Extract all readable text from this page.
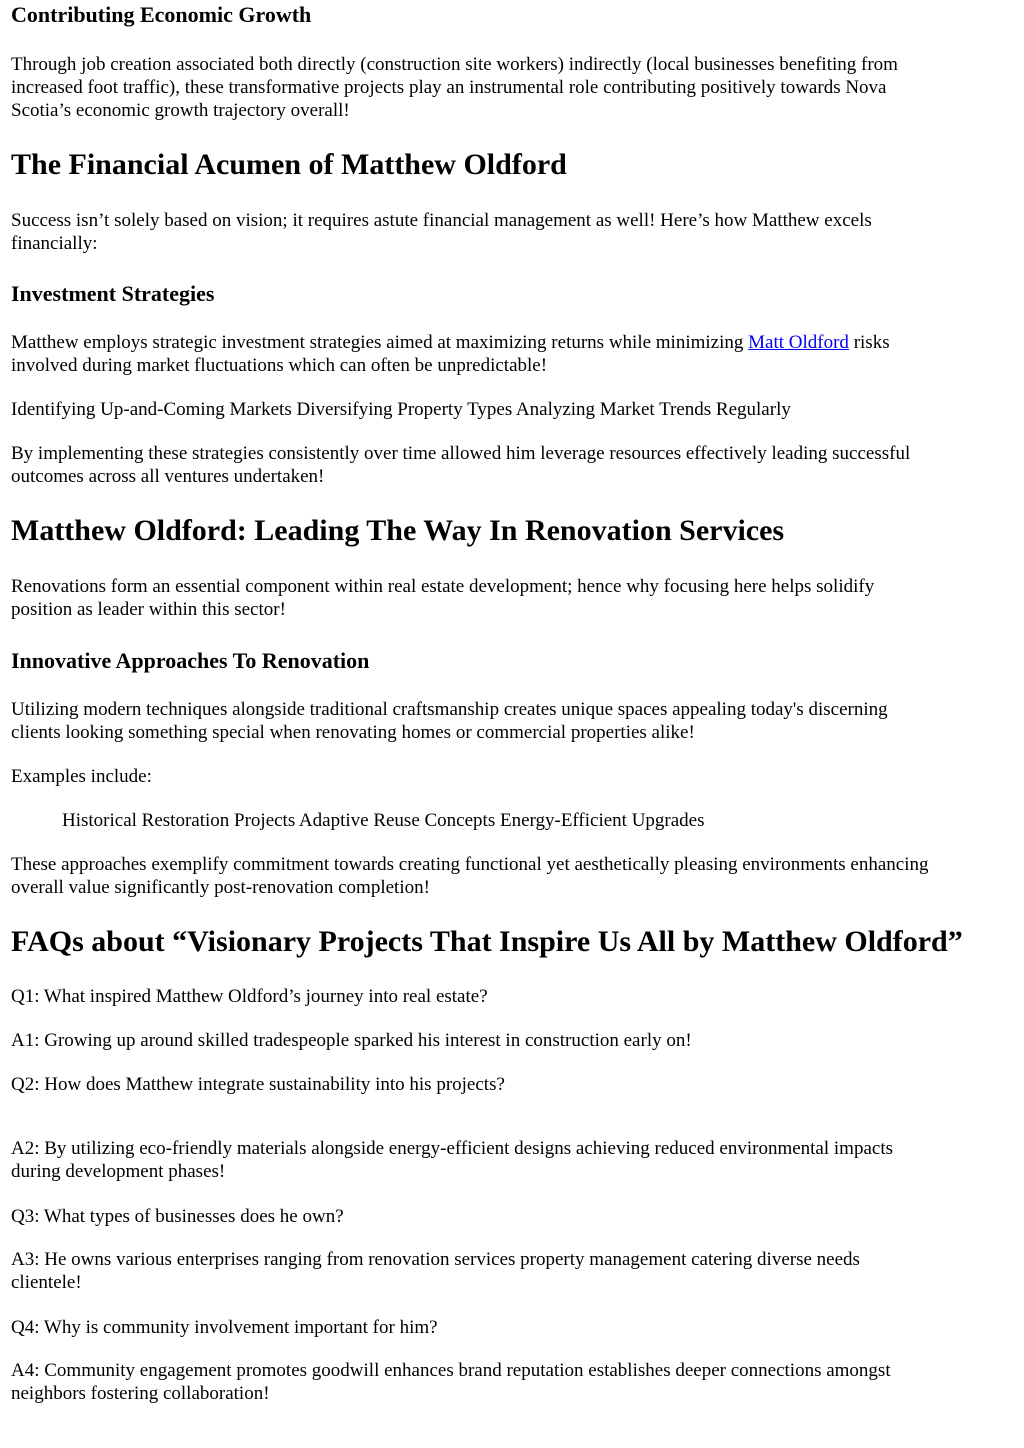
Contributing Economic Growth

Through job creation associated both directly (construction site workers) indirectly (local businesses benefiting from

increased foot traffic), these transformative projects play an instrumental role contributing positively towards Nova

Scotia’s economic growth trajectory overall!

The Financial Acumen of Matthew Oldford

Success isn’t solely based on vision; it requires astute financial management as well! Here’s how Matthew excels

financially:

Investment Strategies

Matthew employs strategic investment strategies aimed at maximizing returns while minimizing Matt Oldford risks

involved during market fluctuations which can often be unpredictable!

Identifying Up-and-Coming Markets Diversifying Property Types Analyzing Market Trends Regularly

By implementing these strategies consistently over time allowed him leverage resources effectively leading successful

outcomes across all ventures undertaken!

Matthew Oldford: Leading The Way In Renovation Services

Renovations form an essential component within real estate development; hence why focusing here helps solidify

position as leader within this sector!

Innovative Approaches To Renovation

Utilizing modern techniques alongside traditional craftsmanship creates unique spaces appealing today's discerning

clients looking something special when renovating homes or commercial properties alike!

Examples include:

Historical Restoration Projects Adaptive Reuse Concepts Energy-Efficient Upgrades

These approaches exemplify commitment towards creating functional yet aesthetically pleasing environments enhancing

overall value significantly post-renovation completion!

FAQs about “Visionary Projects That Inspire Us All by Matthew Oldford”

Q1: What inspired Matthew Oldford’s journey into real estate?

A1: Growing up around skilled tradespeople sparked his interest in construction early on!

Q2: How does Matthew integrate sustainability into his projects?

A2: By utilizing eco-friendly materials alongside energy-efficient designs achieving reduced environmental impacts

during development phases!

Q3: What types of businesses does he own?

A3: He owns various enterprises ranging from renovation services property management catering diverse needs

clientele!

Q4: Why is community involvement important for him?

A4: Community engagement promotes goodwill enhances brand reputation establishes deeper connections amongst

neighbors fostering collaboration!
